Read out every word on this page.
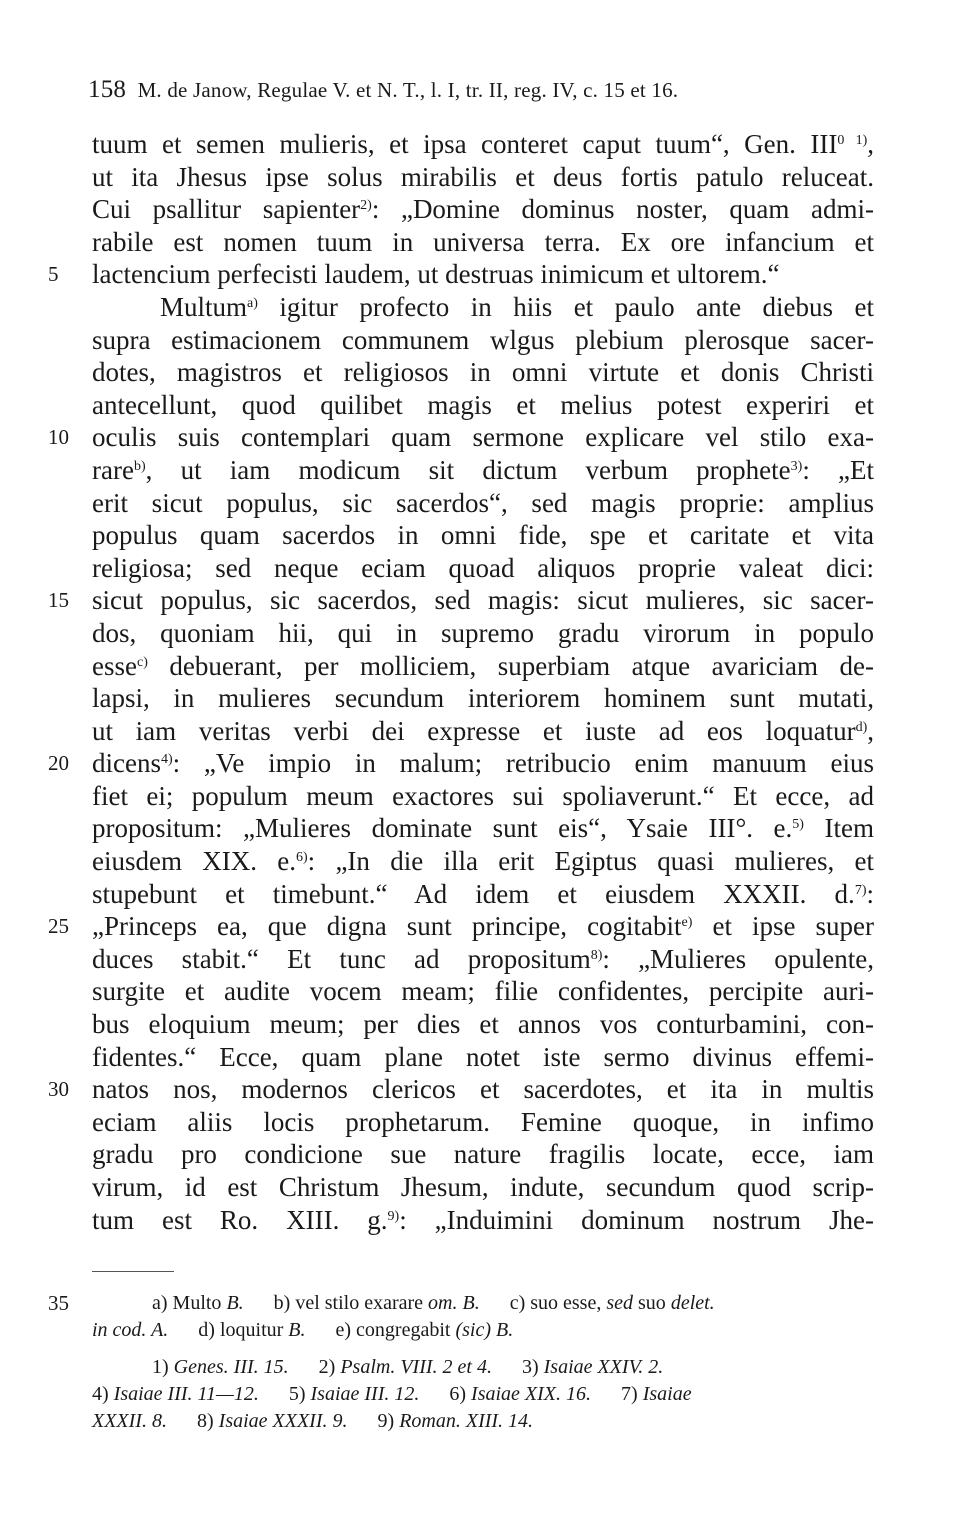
158 M. de Janow, Regulae V. et N. T., l. I, tr. II, reg. IV, c. 15 et 16.
tuum et semen mulieris, et ipsa conteret caput tuum“, Gen. $III^{0 1)}$,
ut ita Jhesus ipse solus mirabilis et deus fortis patulo reluceat.
Cui psallitur sapienter$^{2)}$: „Domine dominus noster, quam admi-
rabile est nomen tuum in universa terra. Ex ore infancium et
5	lactencium perfecisti laudem, ut destruas inimicum et ultorem.“
Multum$^{a)}$ igitur profecto in hiis et paulo ante diebus et
supra estimacionem communem wlgus plebium plerosque sacer-
dotes, magistros et religiosos in omni virtute et donis Christi
antecellunt, quod quilibet magis et melius potest experiri et
10 oculis suis contemplari quam sermone explicare vel stilo exa-
rare$^{b)}$, ut iam modicum sit dictum verbum prophete$^{3)}$: „Et
erit sicut populus, sic sacerdos“, sed magis proprie: amplius
populus quam sacerdos in omni fide, spe et caritate et vita
religiosa; sed neque eciam quoad aliquos proprie valeat dici:
15 sicut populus, sic sacerdos, sed magis: sicut mulieres, sic sacer-
dos, quoniam hii, qui in supremo gradu virorum in populo
esse$^{c)}$ debuerant, per molliciem, superbiam atque avariciam de-
lapsi, in mulieres secundum interiorem hominem sunt mutati,
ut iam veritas verbi dei expresse et iuste ad eos loquatur$^{d)}$,
20 dicens$^{4)}$: „Ve impio in malum; retribucio enim manuum eius
fiet ei; populum meum exactores sui spoliaverunt.“ Et ecce, ad
propositum: „Mulieres dominate sunt eis“, Ysaie III°. e.$^{5)}$ Item
eiusdem XIX. e.$^{6)}$: „In die illa erit Egiptus quasi mulieres, et
stupebunt et timebunt.“ Ad idem et eiusdem XXXII. d.$^{7)}$:
25 „Princeps ea, que digna sunt principe, cogitabit$^{e)}$ et ipse super
duces stabit.“ Et tunc ad propositum$^{8)}$: „Mulieres opulente,
surgite et audite vocem meam; filie confidentes, percipite auri-
bus eloquium meum; per dies et annos vos conturbamini, con-
fidentes.“ Ecce, quam plane notet iste sermo divinus effemi-
30 natos nos, modernos clericos et sacerdotes, et ita in multis
eciam aliis locis prophetarum. Femine quoque, in infimo
gradu pro condicione sue nature fragilis locate, ecce, iam
virum, id est Christum Jhesum, indute, secundum quod scrip-
tum est Ro. XIII. g.$^{9)}$: „Induimini dominum nostrum Jhe-
35	a) Multo B. b) vel stilo exarare om. B. c) suo esse, sed suo delet.
in cod. A. d) loquitur B. e) congregabit (sic) B.
1) Genes. III. 15. 2) Psalm. VIII. 2 et 4. 3) Isaiae XXIV. 2.
4) Isaiae III. 11—12. 5) Isaiae III. 12. 6) Isaiae XIX. 16. 7) Isaiae
XXXII. 8. 8) Isaiae XXXII. 9. 9) Roman. XIII. 14.
